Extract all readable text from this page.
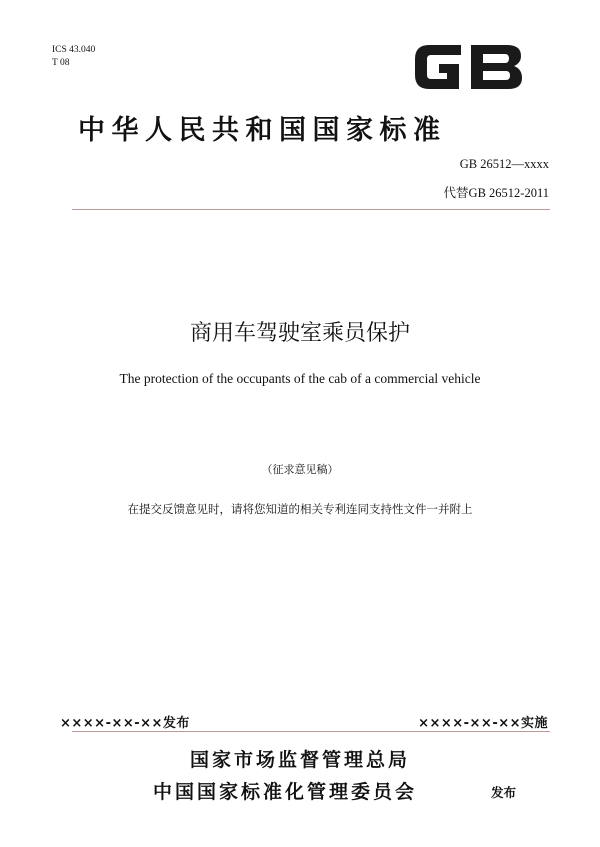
ICS 43.040
T 08
中华人民共和国国家标准
GB 26512—xxxx
代替GB 26512-2011
商用车驾驶室乘员保护
The protection of the occupants of the cab of a commercial vehicle
（征求意见稿）
在提交反馈意见时，请将您知道的相关专利连同支持性文件一并附上
××××-××-××发布	××××-××-××实施
国家市场监督管理总局
中国国家标准化管理委员会	发布
